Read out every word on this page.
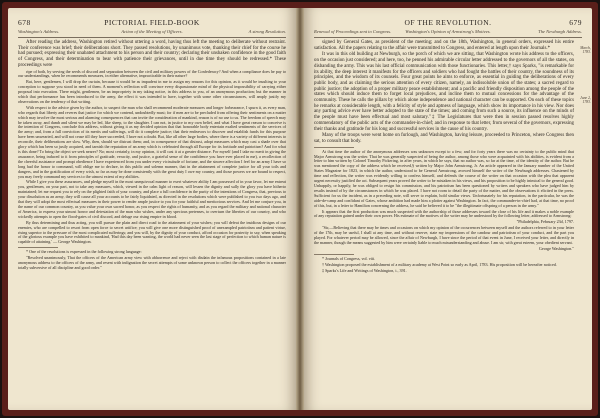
678	PICTORIAL FIELD-BOOK
Washington's Address.	Action of the Meeting of Officers.	A strong Resolution.

After reading the address, Washington retired without uttering a word, having thus left the meeting to deliberate without restraint. Their conference was brief; their deliberations short. They passed resolutions, by unanimous vote, thanking their chief for the course he had pursued; expressing their unabated attachment to his person and their country; declaring their unshaken confidence in the good faith of Congress, and their determination to bear with patience their grievances, until in due time they should be redressed.* These proceedings were

ripe of both, by serving the seeds of discord and separation between the civil and military powers of the Confederacy? And when a compliance does he pay to our understandings, when he recommends measures, in either alternative, impracticable in their nature?

But, here, gentlemen, I will drop the curtain, because it would be as impudent in me to assign my reasons for this opinion, as it would be insulting to your conception to suppose you stood in need of them. A moment's reflection will convince every dispassionate mind of the physical impossibility of carrying either proposal into execution. There might, gentlemen, be an impropriety in my taking notice, in this address to you, of an anonymous production; but the manner in which that performance has been introduced to the army, the effect it was intended to have, together with some other circumstances, will amply justify my observations on the tendency of that writing.

With respect to the advice given by the author, to suspect the man who shall recommend moderate measures and longer forbearance, I spurn it, as every man, who regards that liberty and reveres that justice for which we contend, undoubtedly must; for if men are to be precluded from offering their sentiments on a matter which may involve the most serious and alarming consequences that can invite the consideration of mankind, reason is of no use to us. The freedom of speech may be taken away, and dumb and silent we may be led, like sheep, to the slaughter. I can not, in justice to my own belief, and what I have great reason to conceive is the intention of Congress, conclude this address, without giving it as my decided opinion that that honorable body entertain exalted sentiments of the services of the army; and, from a full conviction of its merits and sufferings, will do it complete justice; that their endeavors to discover and establish funds for this purpose have been unwearied, and will not cease till they have succeeded, I have not a doubt. But, like all other large bodies, where there is a variety of different interests to reconcile, their deliberations are slow. Why, then, should we distrust them; and, in consequence of that distrust, adopt measures which may cast a shade over that glory which has been so justly acquired, and tarnish the reputation of an army which is celebrated through all Europe for its fortitude and patriotism? And for what is this done? To bring the object we seek nearer? No; most certainly, in my opinion, it will cast it at a greater distance. For myself (and I take no merit in giving the assurance, being induced to it from principles of gratitude, veracity, and justice, a grateful sense of the confidence you have ever placed in me), a recollection of the cheerful assistance and prompt obedience I have experienced from you under every vicissitude of fortune, and the sincere affection I feel for an army I have so long had the honor to command, will oblige me to declare, in this public and solemn manner, that in the attainment of complete justice for all your toils and dangers, and in the gratification of every wish, so far as may be done consistently with the great duty I owe my country, and those powers we are bound to respect, you may freely command my services to the utmost extent of my abilities.

While I give you these assurances, and pledge myself in the most unequivocal manner to exert whatever ability I am possessed of in your favor, let me entreat you, gentlemen, on your part, not to take any measures, which, viewed in the calm light of reason, will lessen the dignity and sully the glory you have hitherto maintained; let me request you to rely on the plighted faith of your country, and place a full confidence in the purity of the intentions of Congress, that, previous to your dissolution as an army, they will cause all your accounts to be fairly liquidated, as directed in the resolutions which were published to you two days ago, and that they will adopt the most effectual measures in their power to render ample justice to you for your faithful and meritorious services. And let me conjure you, in the name of our common country, as you value your own sacred honor, as you respect the rights of humanity, and as you regard the military and national character of America, to express your utmost horror and detestation of the man who wishes, under any specious pretenses, to overturn the liberties of our country, and who wickedly attempts to open the flood-gates of civil discord, and deluge our rising empire in blood.

By thus determining and thus acting, you will pursue the plain and direct road to the attainment of your wishes; you will defeat the insidious designs of our enemies, who are compelled to resort from open force to secret artifice; you will give one more distinguished proof of unexampled patriotism and patient virtue, rising superior to the pressure of the most complicated sufferings; and you will, by the dignity of your conduct, afford occasion for posterity to say, when speaking of the glorious example you have exhibited to mankind, 'Had this day been wanting, the world had never seen the last stage of perfection to which human nature is capable of attaining.' — George Washington.

* One of the resolutions is expressed in the following strong language:

"Resolved unanimously, That the officers of the American army view with abhorrence and reject with disdain the infamous propositions contained in a late anonymous address to the officers of the army, and resent with indignation the secret attempts of some unknown person to collect the officers together in a manner totally subversive of all discipline and good order."

OF THE REVOLUTION.	679
Renewal of Proceedings sent to Congress.	Washington's Opinion of Armstrong's Motives.	The Newburgh Address.
March, 1783.
June 2, 1783.

signed by General Gates, as president of the meeting; and on the 18th, Washington, in general orders, expressed his entire satisfaction. All the papers relating to the affair were transmitted to Congress, and entered at length upon their Journals.*

It was in this old building at Newburgh, so the porch of which we are sitting, that Washington wrote his address to the officers, on the occasion just considered; and here, too, he penned his admirable circular letter addressed to the governors of all the states, on disbanding the army. This was his last official communication with those functionaries. This letter,† says Sparks, "is remarkable for its ability, the deep interest it manifests for the officers and soldiers who had fought the battles of their country, the soundness of its principles, and the wisdom of its counsels. Four great points he aims to enforce, as essential in guiding the deliberations of every public body, and as claiming the serious attention of every citizen, namely, an indissoluble union of the states; a sacred regard to public justice; the adoption of a proper military peace establishment; and a pacific and friendly disposition among the people of the states which should induce them to forget local prejudices, and incline them to mutual concessions for the advantage of the community. These he calls the pillars by which alone independence and national character can be supported. On each of these topics he remarks at considerable length, with a felicity of style and aptness of language, which show its importance in his view. Nor does any parting advice ever have better adopted to the state of the times; and coming from such a source, its influence on the minds of the people must have been effectual and most salutary."‡ The Legislatures that were then in session passed resolves highly commendatory of the public acts of the commander-in-chief; and in response to that letter, from several of the governors, expressing their thanks and gratitude for his long and successful services in the cause of his country.

Many of the troops were went home on furlough, and Washington, having leisure, proceeded to Princeton, where Congress then sat, to consult that body.

At that time the author of the anonymous addresses was unknown except to a few; and for forty years there was no certainty to the public mind that Major Armstrong was the writer. That he was generally suspected of being the author, among those who were acquainted with his abilities, is evident from a letter to him written by Colonel Timothy Pickering, in after years, in which he says, that no author was, so far at the time, of the identity of the author. But he was mentioned the copy of the address which he received,§ written by Major John Armstrong, Jr. An article appeared in the January number of the United States Magazine for 1823, in which the author, understood to be General Armstrong, avowed himself the writer of the Newburgh addresses. Chastened by time and reflection, the writer was evidently willing to confess himself, and defends the course of the writer on that occasion with the plea that apparent urgent necessity justified the act. Subsequent years proved the writer to be mistaken in his views, and his proposition to be highly inimical to the general good. Unhappily, or happily, he was obliged to resign his commission, and his patriotism has been questioned by writers and speakers who have judged him by results instead of by the circumstances in which he was placed. I have not room to detail the party of the matter, and the observations it elicited in the press. Sufficient for us the incident, as in a preceding note, will serve to explain, hold similar views. Unfortunately for his reputation, in the particular, he was the aide-de-camp and confidant of Gates, whose ambition had made him a plotter against Washington. In fact, the commander-in-chief had, at that time, no proof of this, but, in a letter to Hamilton concerning the address, he said he believed it to be "the illegitimate offspring of a person in the army."

It appears that the first production was much suspected with the authorship of those addresses toward the close of his life and it makes a noble example of any reputation gained under their own power. His estimate of the motives of the writer may be understood by the following letter, addressed to Armstrong:

"Philadelphia, February 23d, 1797.

"Sir,—Believing that there may be times and occasions on which my opinion of the occurrences between myself and the authors referred to in your letter of the 17th, may be useful, I shall at any time, and without reserve, state my impressions of the candour and patriotism of your conduct, and the part you played. For whatever period may be allowed, since the affair of Newburgh, I have since the period of that event in June, I received your letter, and directly in the manner, though the means suggested by him were certainly liable to much misunderstanding and abuse. I am sir, with great esteem, your obedient servant.

George Washington."

* Journals of Congress, vol. viii.

† Washington proposed the establishment of a military academy at West Point so early as April, 1783. His proposition will be hereafter noticed.

‡ Sparks's Life and Writings of Washington, i., 391.
